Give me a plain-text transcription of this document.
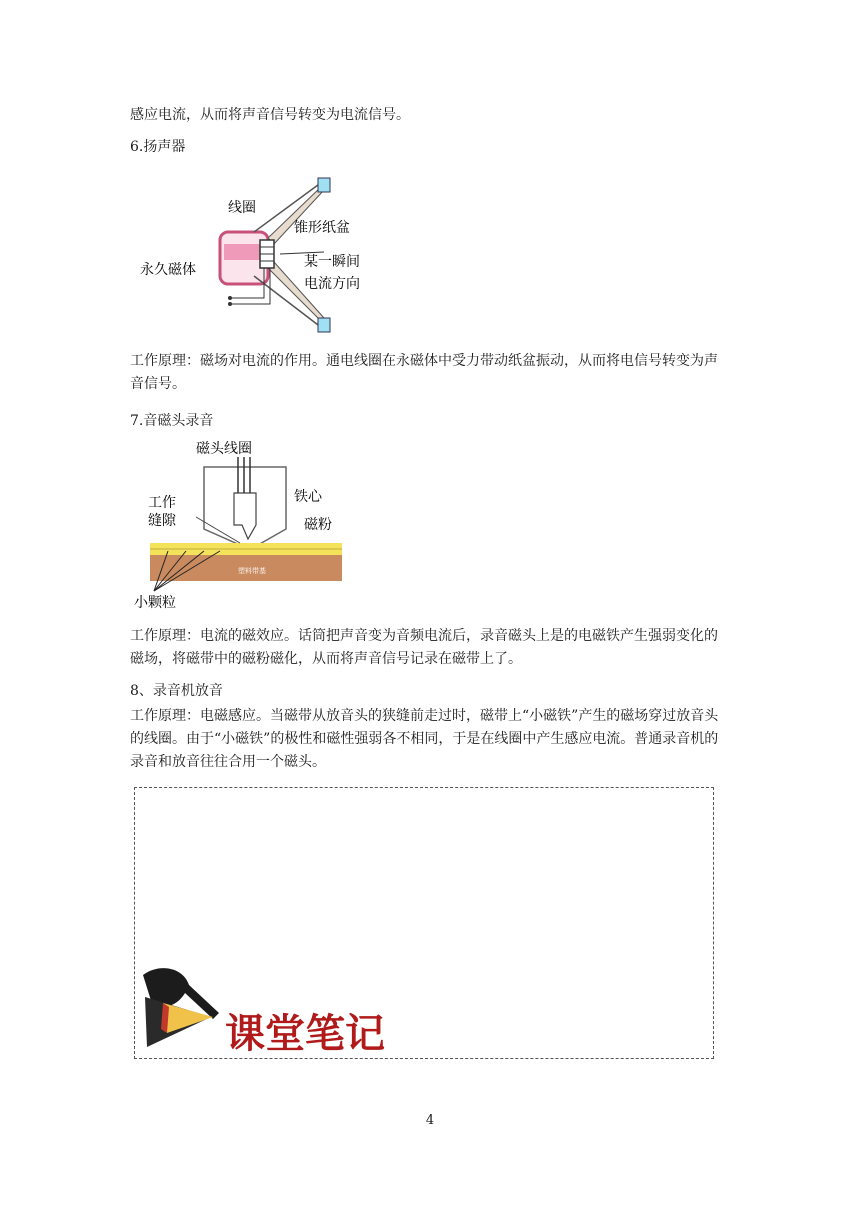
感应电流，从而将声音信号转变为电流信号。

6.扬声器

线圈
锥形纸盆
永久磁体	某一瞬间
电流方向

工作原理：磁场对电流的作用。通电线圈在永磁体中受力带动纸盆振动，从而将电信号转变为声音信号。

7.音磁头录音

磁头线圈
工作
缝隙
铁心
磁粉
塑料带基
小颗粒

工作原理：电流的磁效应。话筒把声音变为音频电流后，录音磁头上是的电磁铁产生强弱变化的磁场，将磁带中的磁粉磁化，从而将声音信号记录在磁带上了。

8、录音机放音

工作原理：电磁感应。当磁带从放音头的狭缝前走过时，磁带上“小磁铁”产生的磁场穿过放音头的线圈。由于“小磁铁”的极性和磁性强弱各不相同，于是在线圈中产生感应电流。普通录音机的录音和放音往往合用一个磁头。

课堂笔记
4
